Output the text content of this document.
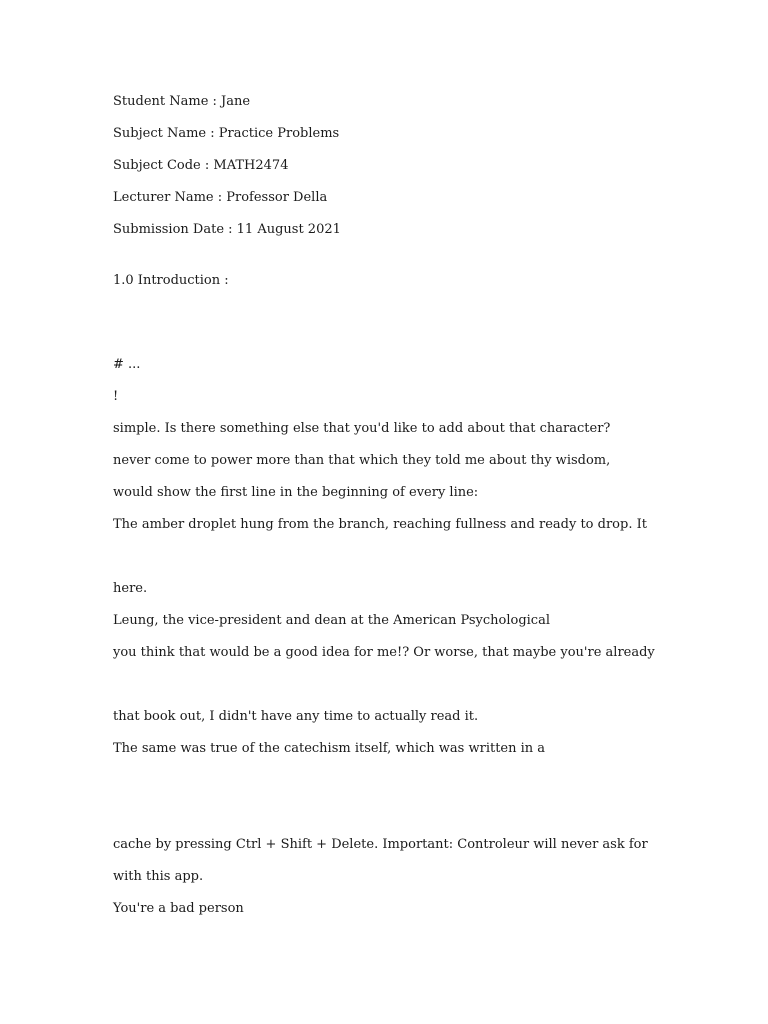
Student Name : Jane

Subject Name : Practice Problems

Subject Code : MATH2474

Lecturer Name : Professor Della

Submission Date : 11 August 2021

1.0 Introduction :

# ...

!

simple. Is there something else that you'd like to add about that character?

never come to power more than that which they told me about thy wisdom,

would show the first line in the beginning of every line:

The amber droplet hung from the branch, reaching fullness and ready to drop. It

here.

Leung, the vice-president and dean at the American Psychological

you think that would be a good idea for me!? Or worse, that maybe you're already

that book out, I didn't have any time to actually read it.

The same was true of the catechism itself, which was written in a

cache by pressing Ctrl + Shift + Delete. Important: Controleur will never ask for

with this app.

You're a bad person
